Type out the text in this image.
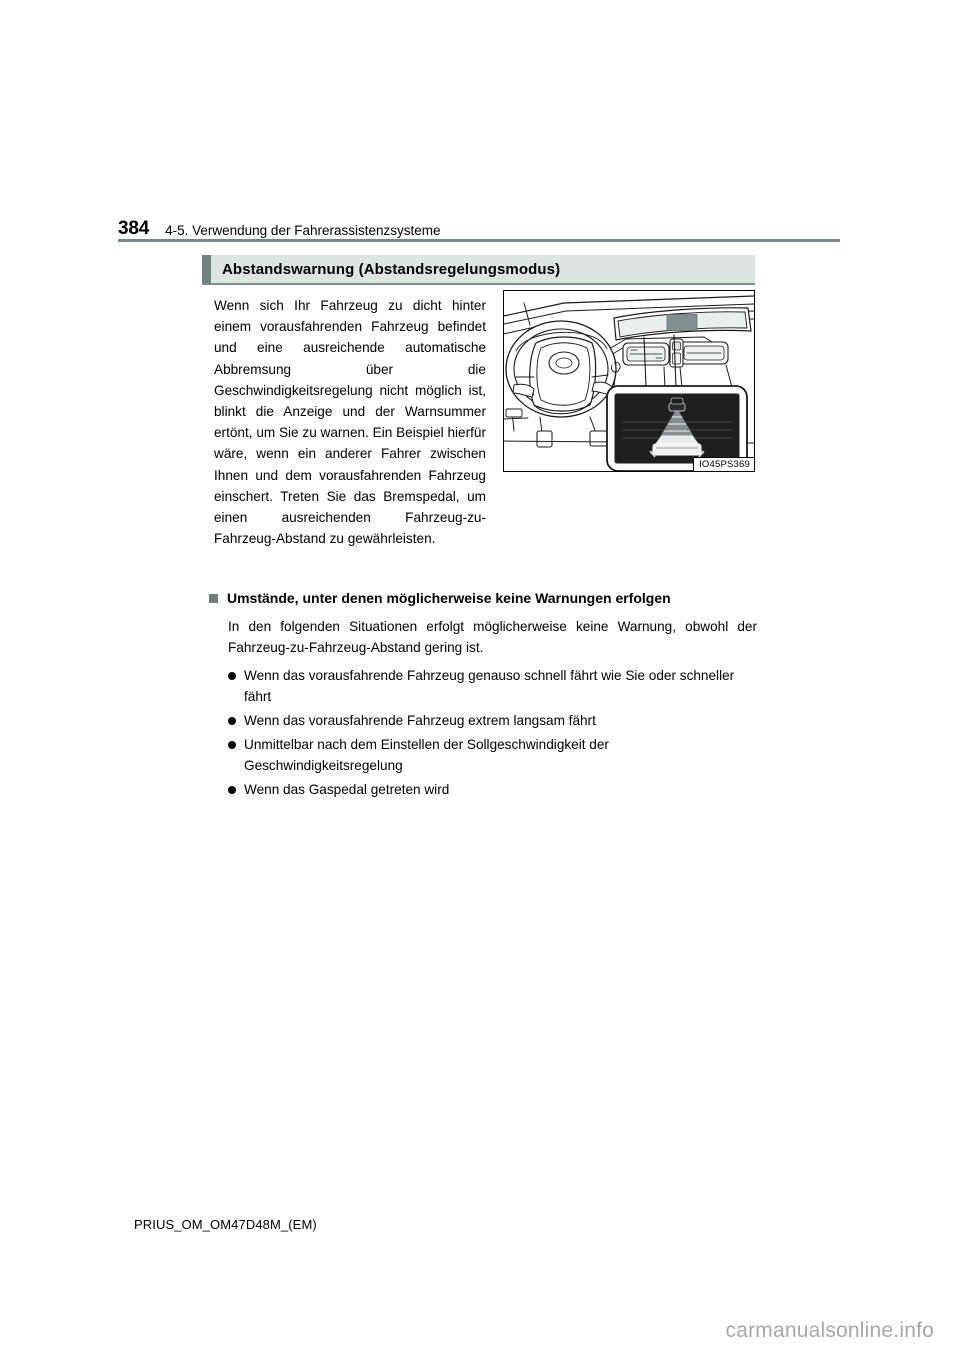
384 4-5. Verwendung der Fahrerassistenzsysteme
Abstandswarnung (Abstandsregelungsmodus)

Wenn sich Ihr Fahrzeug zu dicht hinter einem vorausfahrenden Fahrzeug befindet und eine ausreichende automatische Abbremsung über die Geschwindigkeitsregelung nicht möglich ist, blinkt die Anzeige und der Warnsummer ertönt, um Sie zu warnen. Ein Beispiel hierfür wäre, wenn ein anderer Fahrer zwischen Ihnen und dem vorausfahrenden Fahrzeug einschert. Treten Sie das Bremspedal, um einen ausreichenden Fahrzeug-zu-Fahrzeug-Abstand zu gewährleisten.

IO45PS369
Umstände, unter denen möglicherweise keine Warnungen erfolgen
In den folgenden Situationen erfolgt möglicherweise keine Warnung, obwohl der Fahrzeug-zu-Fahrzeug-Abstand gering ist.
Wenn das vorausfahrende Fahrzeug genauso schnell fährt wie Sie oder schneller fährt
Wenn das vorausfahrende Fahrzeug extrem langsam fährt
Unmittelbar nach dem Einstellen der Sollgeschwindigkeit der Geschwindigkeitsregelung
Wenn das Gaspedal getreten wird
PRIUS_OM_OM47D48M_(EM)
carmanualsonline.info
